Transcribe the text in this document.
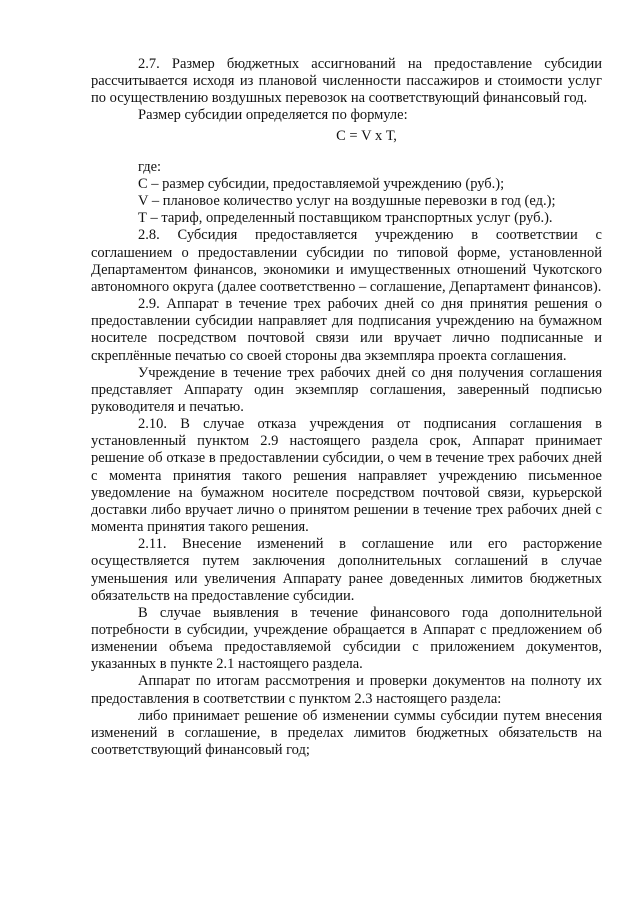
2.7. Размер бюджетных ассигнований на предоставление субсидии рассчитывается исходя из плановой численности пассажиров и стоимости услуг по осуществлению воздушных перевозок на соответствующий финансовый год.

Размер субсидии определяется по формуле:

С = V х Т,

где:

С – размер субсидии, предоставляемой учреждению (руб.);

V – плановое количество услуг на воздушные перевозки в год (ед.);

Т – тариф, определенный поставщиком транспортных услуг (руб.).

2.8. Субсидия предоставляется учреждению в соответствии с соглашением о предоставлении субсидии по типовой форме, установленной Департаментом финансов, экономики и имущественных отношений Чукотского автономного округа (далее соответственно – соглашение, Департамент финансов).

2.9. Аппарат в течение трех рабочих дней со дня принятия решения о предоставлении субсидии направляет для подписания учреждению на бумажном носителе посредством почтовой связи или вручает лично подписанные и скреплённые печатью со своей стороны два экземпляра проекта соглашения.

Учреждение в течение трех рабочих дней со дня получения соглашения представляет Аппарату один экземпляр соглашения, заверенный подписью руководителя и печатью.

2.10. В случае отказа учреждения от подписания соглашения в установленный пунктом 2.9 настоящего раздела срок, Аппарат принимает решение об отказе в предоставлении субсидии, о чем в течение трех рабочих дней с момента принятия такого решения направляет учреждению письменное уведомление на бумажном носителе посредством почтовой связи, курьерской доставки либо вручает лично о принятом решении в течение трех рабочих дней с момента принятия такого решения.

2.11. Внесение изменений в соглашение или его расторжение осуществляется путем заключения дополнительных соглашений в случае уменьшения или увеличения Аппарату ранее доведенных лимитов бюджетных обязательств на предоставление субсидии.

В случае выявления в течение финансового года дополнительной потребности в субсидии, учреждение обращается в Аппарат с предложением об изменении объема предоставляемой субсидии с приложением документов, указанных в пункте 2.1 настоящего раздела.

Аппарат по итогам рассмотрения и проверки документов на полноту их предоставления в соответствии с пунктом 2.3 настоящего раздела:

либо принимает решение об изменении суммы субсидии путем внесения изменений в соглашение, в пределах лимитов бюджетных обязательств на соответствующий финансовый год;
